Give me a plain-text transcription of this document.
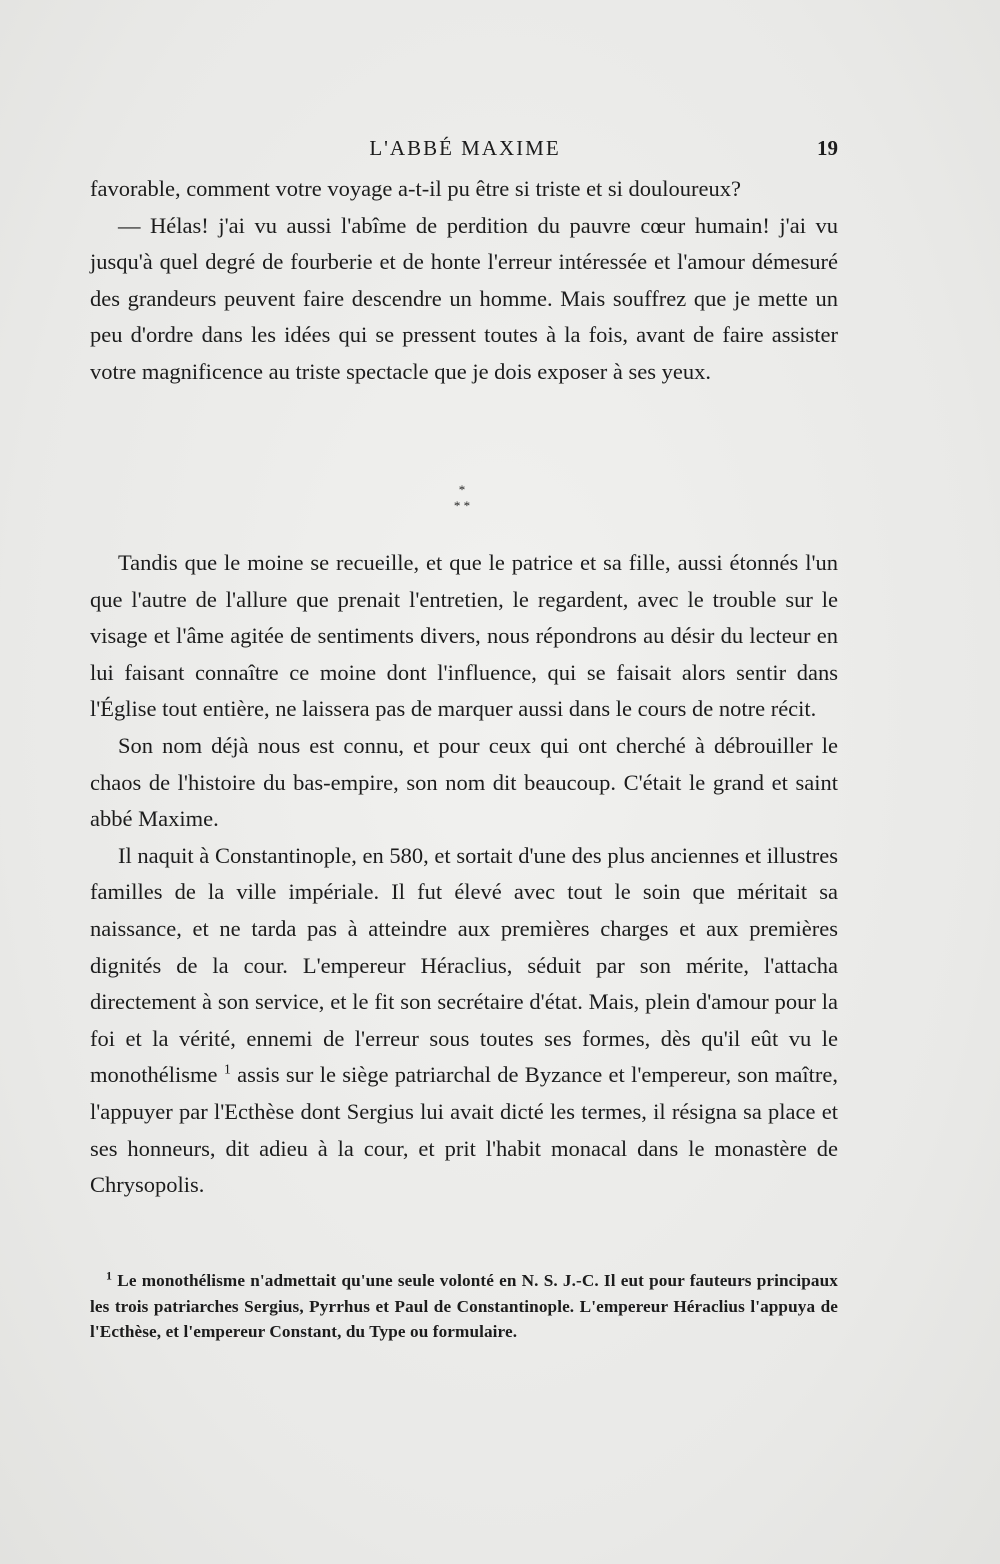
L'ABBÉ MAXIME	19

favorable, comment votre voyage a-t-il pu être si triste et si douloureux?

— Hélas! j'ai vu aussi l'abîme de perdition du pauvre cœur humain! j'ai vu jusqu'à quel degré de fourberie et de honte l'erreur intéressée et l'amour démesuré des grandeurs peuvent faire descendre un homme. Mais souffrez que je mette un peu d'ordre dans les idées qui se pressent toutes à la fois, avant de faire assister votre magnificence au triste spectacle que je dois exposer à ses yeux.

*
* *

Tandis que le moine se recueille, et que le patrice et sa fille, aussi étonnés l'un que l'autre de l'allure que prenait l'entretien, le regardent, avec le trouble sur le visage et l'âme agitée de sentiments divers, nous répondrons au désir du lecteur en lui faisant connaître ce moine dont l'influence, qui se faisait alors sentir dans l'Église tout entière, ne laissera pas de marquer aussi dans le cours de notre récit.

Son nom déjà nous est connu, et pour ceux qui ont cherché à débrouiller le chaos de l'histoire du bas-empire, son nom dit beaucoup. C'était le grand et saint abbé Maxime.

Il naquit à Constantinople, en 580, et sortait d'une des plus anciennes et illustres familles de la ville impériale. Il fut élevé avec tout le soin que méritait sa naissance, et ne tarda pas à atteindre aux premières charges et aux premières dignités de la cour. L'empereur Héraclius, séduit par son mérite, l'attacha directement à son service, et le fit son secrétaire d'état. Mais, plein d'amour pour la foi et la vérité, ennemi de l'erreur sous toutes ses formes, dès qu'il eût vu le monothélisme $^1$ assis sur le siège patriarchal de Byzance et l'empereur, son maître, l'appuyer par l'Ecthèse dont Sergius lui avait dicté les termes, il résigna sa place et ses honneurs, dit adieu à la cour, et prit l'habit monacal dans le monastère de Chrysopolis.

$^1$ Le monothélisme n'admettait qu'une seule volonté en N. S. J.-C. Il eut pour fauteurs principaux les trois patriarches Sergius, Pyrrhus et Paul de Constantinople. L'empereur Héraclius l'appuya de l'Ecthèse, et l'empereur Constant, du Type ou formulaire.
